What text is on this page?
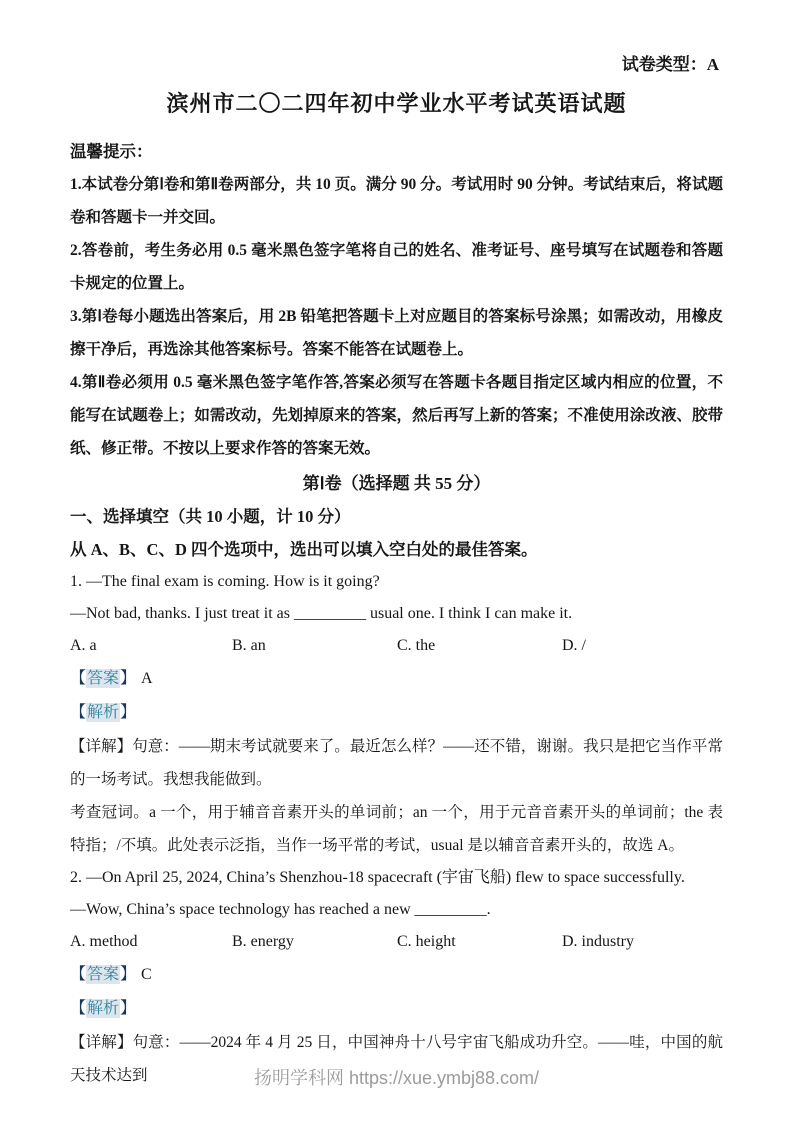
试卷类型：A
滨州市二〇二四年初中学业水平考试英语试题

温馨提示：

1.本试卷分第Ⅰ卷和第Ⅱ卷两部分，共 10 页。满分 90 分。考试用时 90 分钟。考试结束后，将试题卷和答题卡一并交回。

2.答卷前，考生务必用 0.5 毫米黑色签字笔将自己的姓名、准考证号、座号填写在试题卷和答题卡规定的位置上。

3.第Ⅰ卷每小题选出答案后，用 2B 铅笔把答题卡上对应题目的答案标号涂黑；如需改动，用橡皮擦干净后，再选涂其他答案标号。答案不能答在试题卷上。

4.第Ⅱ卷必须用 0.5 毫米黑色签字笔作答,答案必须写在答题卡各题目指定区域内相应的位置，不能写在试题卷上；如需改动，先划掉原来的答案，然后再写上新的答案；不准使用涂改液、胶带纸、修正带。不按以上要求作答的答案无效。

第Ⅰ卷（选择题 共 55 分）

一、选择填空（共 10 小题，计 10 分）

从 A、B、C、D 四个选项中，选出可以填入空白处的最佳答案。

1. —The final exam is coming. How is it going?

—Not bad, thanks. I just treat it as _________ usual one. I think I can make it.

A. a	B. an	C. the	D. /

【答案】 A

【解析】

【详解】句意：——期末考试就要来了。最近怎么样？——还不错，谢谢。我只是把它当作平常的一场考试。我想我能做到。

考查冠词。a 一个，用于辅音音素开头的单词前；an 一个，用于元音音素开头的单词前；the 表特指；/不填。此处表示泛指，当作一场平常的考试，usual 是以辅音音素开头的，故选 A。

2. —On April 25, 2024, China’s Shenzhou-18 spacecraft (宇宙飞船) flew to space successfully.

—Wow, China’s space technology has reached a new _________.

A. method	B. energy	C. height	D. industry

【答案】 C

【解析】

【详解】句意：——2024 年 4 月 25 日，中国神舟十八号宇宙飞船成功升空。——哇，中国的航天技术达到	扬明学科网 https://xue.ymbj88.com/
